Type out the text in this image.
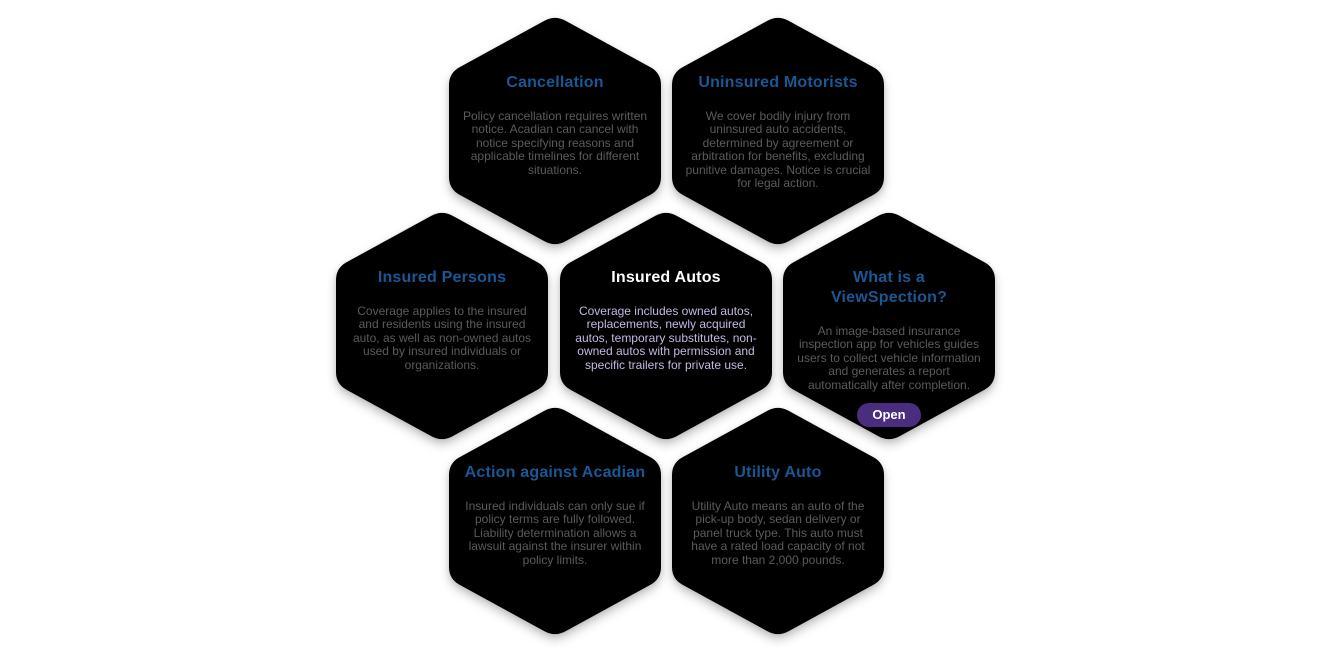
Cancellation
Policy cancellation requires written notice. Acadian can cancel with notice specifying reasons and applicable timelines for different situations.
Uninsured Motorists
We cover bodily injury from uninsured auto accidents, determined by agreement or arbitration for benefits, excluding punitive damages. Notice is crucial for legal action.
Action against Acadian
Insured individuals can only sue if policy terms are fully followed. Liability determination allows a lawsuit against the insurer within policy limits.
Utility Auto
Utility Auto means an auto of the pick-up body, sedan delivery or panel truck type. This auto must have a rated load capacity of not more than 2,000 pounds.
Insured Persons
Coverage applies to the insured and residents using the insured auto, as well as non-owned autos used by insured individuals or organizations.
Insured Autos
Coverage includes owned autos, replacements, newly acquired autos, temporary substitutes, non-owned autos with permission and specific trailers for private use.
What is a ViewSpection?
An image-based insurance inspection app for vehicles guides users to collect vehicle information and generates a report automatically after completion.
Open
